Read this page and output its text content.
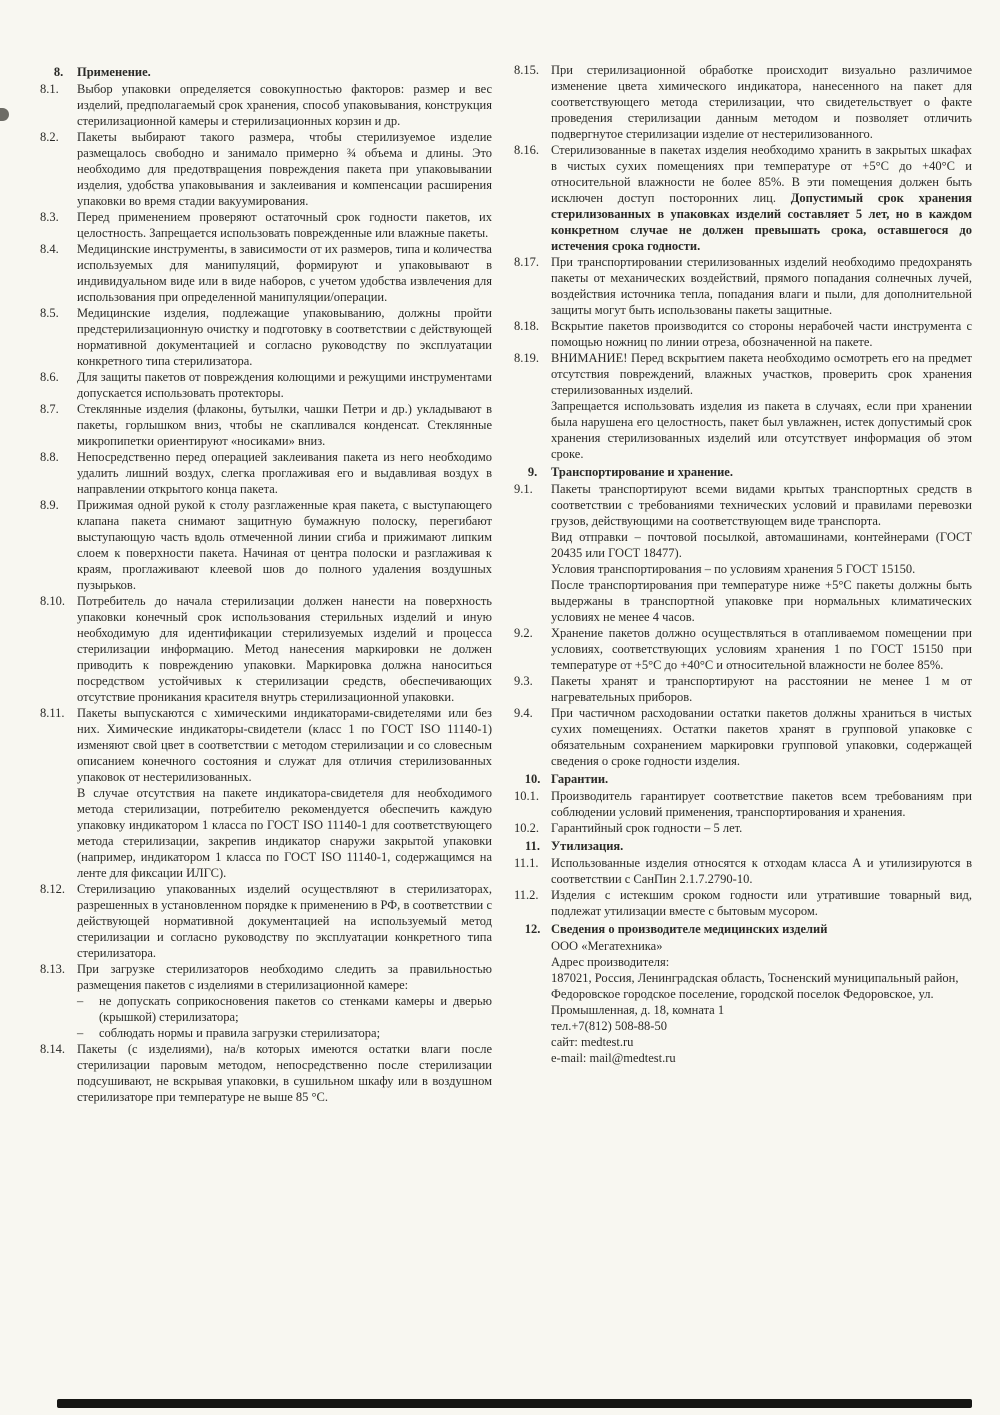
8.	Применение.
8.1.	Выбор упаковки определяется совокупностью факторов: размер и вес изделий, предполагаемый срок хранения, способ упаковывания, конструкция стерилизационной камеры и стерилизационных корзин и др.
8.2.	Пакеты выбирают такого размера, чтобы стерилизуемое изделие размещалось свободно и занимало примерно ¾ объема и длины. Это необходимо для предотвращения повреждения пакета при упаковывании изделия, удобства упаковывания и заклеивания и компенсации расширения упаковки во время стадии вакуумирования.
8.3.	Перед применением проверяют остаточный срок годности пакетов, их целостность. Запрещается использовать поврежденные или влажные пакеты.
8.4.	Медицинские инструменты, в зависимости от их размеров, типа и количества используемых для манипуляций, формируют и упаковывают в индивидуальном виде или в виде наборов, с учетом удобства извлечения для использования при определенной манипуляции/операции.
8.5.	Медицинские изделия, подлежащие упаковыванию, должны пройти предстерилизационную очистку и подготовку в соответствии с действующей нормативной документацией и согласно руководству по эксплуатации конкретного типа стерилизатора.
8.6.	Для защиты пакетов от повреждения колющими и режущими инструментами допускается использовать протекторы.
8.7.	Стеклянные изделия (флаконы, бутылки, чашки Петри и др.) укладывают в пакеты, горлышком вниз, чтобы не скапливался конденсат. Стеклянные микропипетки ориентируют «носиками» вниз.
8.8.	Непосредственно перед операцией заклеивания пакета из него необходимо удалить лишний воздух, слегка проглаживая его и выдавливая воздух в направлении открытого конца пакета.
8.9.	Прижимая одной рукой к столу разглаженные края пакета, с выступающего клапана пакета снимают защитную бумажную полоску, перегибают выступающую часть вдоль отмеченной линии сгиба и прижимают липким слоем к поверхности пакета. Начиная от центра полоски и разглаживая к краям, проглаживают клеевой шов до полного удаления воздушных пузырьков.
8.10. Потребитель до начала стерилизации должен нанести на поверхность упаковки конечный срок использования стерильных изделий и иную необходимую для идентификации стерилизуемых изделий и процесса стерилизации информацию. Метод нанесения маркировки не должен приводить к повреждению упаковки. Маркировка должна наноситься посредством устойчивых к стерилизации средств, обеспечивающих отсутствие проникания красителя внутрь стерилизационной упаковки.
8.11. Пакеты выпускаются с химическими индикаторами-свидетелями или без них. Химические индикаторы-свидетели (класс 1 по ГОСТ ISO 11140-1) изменяют свой цвет в соответствии с методом стерилизации и со словесным описанием конечного состояния и служат для отличия стерилизованных упаковок от нестерилизованных.
В случае отсутствия на пакете индикатора-свидетеля для необходимого метода стерилизации, потребителю рекомендуется обеспечить каждую упаковку индикатором 1 класса по ГОСТ ISO 11140-1 для соответствующего метода стерилизации, закрепив индикатор снаружи закрытой упаковки (например, индикатором 1 класса по ГОСТ ISO 11140-1, содержащимся на ленте для фиксации ИЛГС).
8.12. Стерилизацию упакованных изделий осуществляют в стерилизаторах, разрешенных в установленном порядке к применению в РФ, в соответствии с действующей нормативной документацией на используемый метод стерилизации и согласно руководству по эксплуатации конкретного типа стерилизатора.
8.13. При загрузке стерилизаторов необходимо следить за правильностью размещения пакетов с изделиями в стерилизационной камере:
–	не допускать соприкосновения пакетов со стенками камеры и дверью (крышкой) стерилизатора;
–	соблюдать нормы и правила загрузки стерилизатора;
8.14. Пакеты (с изделиями), на/в которых имеются остатки влаги после стерилизации паровым методом, непосредственно после стерилизации подсушивают, не вскрывая упаковки, в сушильном шкафу или в воздушном стерилизаторе при температуре не выше 85 °С.
8.15. При стерилизационной обработке происходит визуально различимое изменение цвета химического индикатора, нанесенного на пакет для соответствующего метода стерилизации, что свидетельствует о факте проведения стерилизации данным методом и позволяет отличить подвергнутое стерилизации изделие от нестерилизованного.
8.16. Стерилизованные в пакетах изделия необходимо хранить в закрытых шкафах в чистых сухих помещениях при температуре от +5°С до +40°С и относительной влажности не более 85%. В эти помещения должен быть исключен доступ посторонних лиц. Допустимый срок хранения стерилизованных в упаковках изделий составляет 5 лет, но в каждом конкретном случае не должен превышать срока, оставшегося до истечения срока годности.
8.17. При транспортировании стерилизованных изделий необходимо предохранять пакеты от механических воздействий, прямого попадания солнечных лучей, воздействия источника тепла, попадания влаги и пыли, для дополнительной защиты могут быть использованы пакеты защитные.
8.18. Вскрытие пакетов производится со стороны нерабочей части инструмента с помощью ножниц по линии отреза, обозначенной на пакете.
8.19. ВНИМАНИЕ! Перед вскрытием пакета необходимо осмотреть его на предмет отсутствия повреждений, влажных участков, проверить срок хранения стерилизованных изделий.
Запрещается использовать изделия из пакета в случаях, если при хранении была нарушена его целостность, пакет был увлажнен, истек допустимый срок хранения стерилизованных изделий или отсутствует информация об этом сроке.
9.	Транспортирование и хранение.
9.1.	Пакеты транспортируют всеми видами крытых транспортных средств в соответствии с требованиями технических условий и правилами перевозки грузов, действующими на соответствующем виде транспорта.
Вид отправки – почтовой посылкой, автомашинами, контейнерами (ГОСТ 20435 или ГОСТ 18477).
Условия транспортирования – по условиям хранения 5 ГОСТ 15150.
После транспортирования при температуре ниже +5°С пакеты должны быть выдержаны в транспортной упаковке при нормальных климатических условиях не менее 4 часов.
9.2.	Хранение пакетов должно осуществляться в отапливаемом помещении при условиях, соответствующих условиям хранения 1 по ГОСТ 15150 при температуре от +5°С до +40°С и относительной влажности не более 85%.
9.3.	Пакеты хранят и транспортируют на расстоянии не менее 1 м от нагревательных приборов.
9.4.	При частичном расходовании остатки пакетов должны храниться в чистых сухих помещениях. Остатки пакетов хранят в групповой упаковке с обязательным сохранением маркировки групповой упаковки, содержащей сведения о сроке годности изделия.
10. Гарантии.
10.1. Производитель гарантирует соответствие пакетов всем требованиям при соблюдении условий применения, транспортирования и хранения.
10.2. Гарантийный срок годности – 5 лет.
11. Утилизация.
11.1. Использованные изделия относятся к отходам класса А и утилизируются в соответствии с СанПин 2.1.7.2790-10.
11.2. Изделия с истекшим сроком годности или утратившие товарный вид, подлежат утилизации вместе с бытовым мусором.
12. Сведения о производителе медицинских изделий
ООО «Мегатехника»
Адрес производителя:
187021, Россия, Ленинградская область, Тосненский муниципальный район, Федоровское городское поселение, городской поселок Федоровское, ул. Промышленная, д. 18, комната 1
тел.+7(812) 508-88-50
сайт: medtest.ru
e-mail: mail@medtest.ru
